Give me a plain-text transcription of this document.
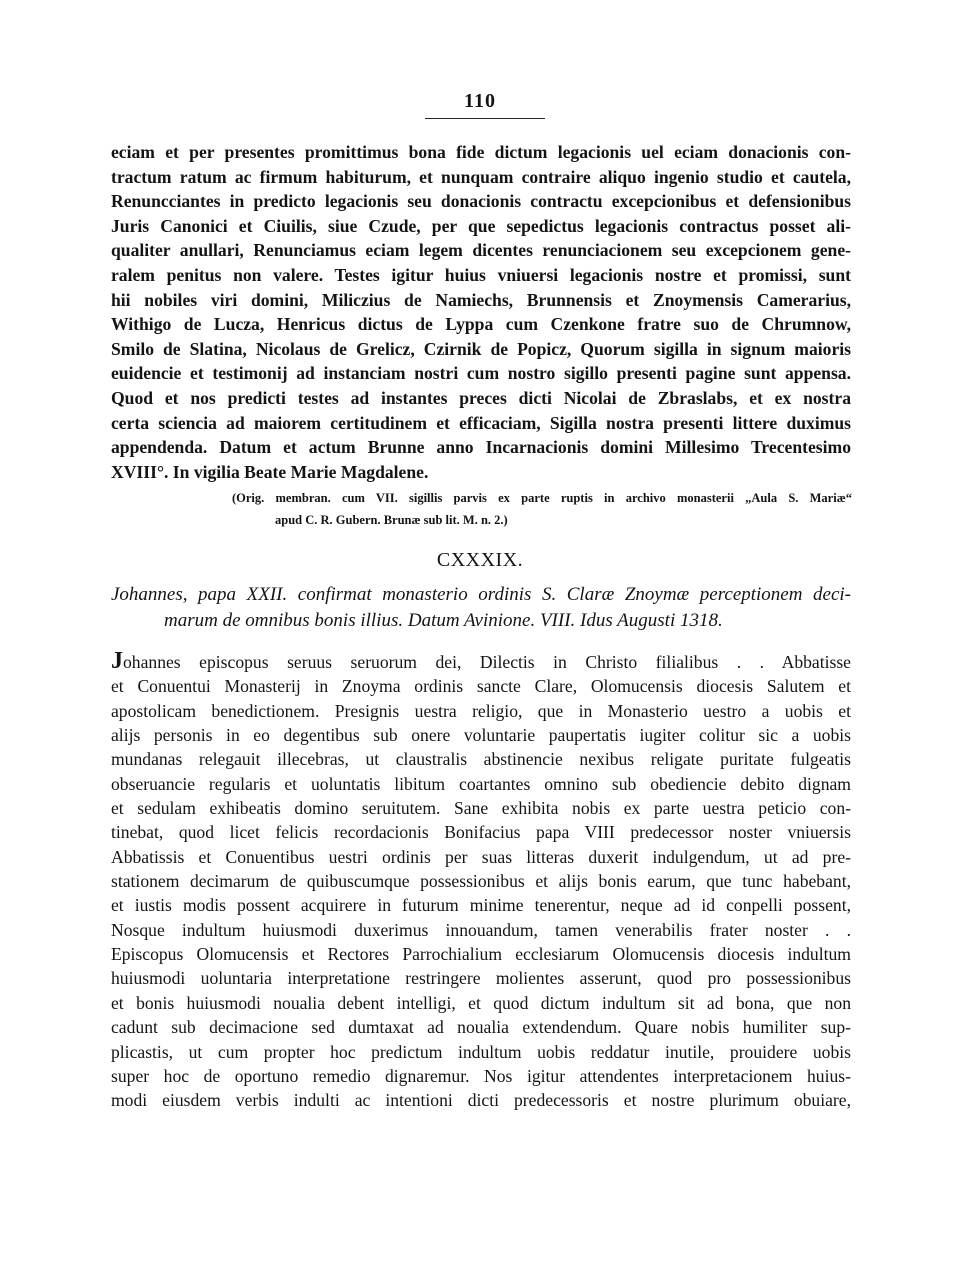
110
eciam et per presentes promittimus bona fide dictum legacionis uel eciam donacionis con-
tractum ratum ac firmum habiturum, et nunquam contraire aliquo ingenio studio et cautela,
Renuncciantes in predicto legacionis seu donacionis contractu excepcionibus et defensionibus
Juris Canonici et Ciuilis, siue Czude, per que sepedictus legacionis contractus posset ali-
qualiter anullari, Renunciamus eciam legem dicentes renunciacionem seu excepcionem gene-
ralem penitus non valere. Testes igitur huius vniuersi legacionis nostre et promissi, sunt
hii nobiles viri domini, Miliczius de Namiechs, Brunnensis et Znoymensis Camerarius,
Withigo de Lucza, Henricus dictus de Lyppa cum Czenkone fratre suo de Chrumnow,
Smilo de Slatina, Nicolaus de Grelicz, Czirnik de Popicz, Quorum sigilla in signum maioris
euidencie et testimonij ad instanciam nostri cum nostro sigillo presenti pagine sunt appensa.
Quod et nos predicti testes ad instantes preces dicti Nicolai de Zbraslabs, et ex nostra
certa sciencia ad maiorem certitudinem et efficaciam, Sigilla nostra presenti littere duximus
appendenda. Datum et actum Brunne anno Incarnacionis domini Millesimo Trecentesimo
XVIII°. In vigilia Beate Marie Magdalene.
(Orig. membran. cum VII. sigillis parvis ex parte ruptis in archivo monasterii „Aula S. Mariæ“
apud C. R. Gubern. Brunæ sub lit. M. n. 2.)
CXXXIX.
Johannes, papa XXII. confirmat monasterio ordinis S. Claræ Znoymæ perceptionem deci-
marum de omnibus bonis illius. Datum Avinione. VIII. Idus Augusti 1318.
Johannes episcopus seruus seruorum dei, Dilectis in Christo filialibus . . Abbatisse
et Conuentui Monasterij in Znoyma ordinis sancte Clare, Olomucensis diocesis Salutem et
apostolicam benedictionem. Presignis uestra religio, que in Monasterio uestro a uobis et
alijs personis in eo degentibus sub onere voluntarie paupertatis iugiter colitur sic a uobis
mundanas relegauit illecebras, ut claustralis abstinencie nexibus religate puritate fulgeatis
obseruancie regularis et uoluntatis libitum coartantes omnino sub obediencie debito dignam
et sedulam exhibeatis domino seruitutem. Sane exhibita nobis ex parte uestra peticio con-
tinebat, quod licet felicis recordacionis Bonifacius papa VIII predecessor noster vniuersis
Abbatissis et Conuentibus uestri ordinis per suas litteras duxerit indulgendum, ut ad pre-
stationem decimarum de quibuscumque possessionibus et alijs bonis earum, que tunc habebant,
et iustis modis possent acquirere in futurum minime tenerentur, neque ad id conpelli possent,
Nosque indultum huiusmodi duxerimus innouandum, tamen venerabilis frater noster . .
Episcopus Olomucensis et Rectores Parrochialium ecclesiarum Olomucensis diocesis indultum
huiusmodi uoluntaria interpretatione restringere molientes asserunt, quod pro possessionibus
et bonis huiusmodi noualia debent intelligi, et quod dictum indultum sit ad bona, que non
cadunt sub decimacione sed dumtaxat ad noualia extendendum. Quare nobis humiliter sup-
plicastis, ut cum propter hoc predictum indultum uobis reddatur inutile, prouidere uobis
super hoc de oportuno remedio dignaremur. Nos igitur attendentes interpretacionem huius-
modi eiusdem verbis indulti ac intentioni dicti predecessoris et nostre plurimum obuiare,
